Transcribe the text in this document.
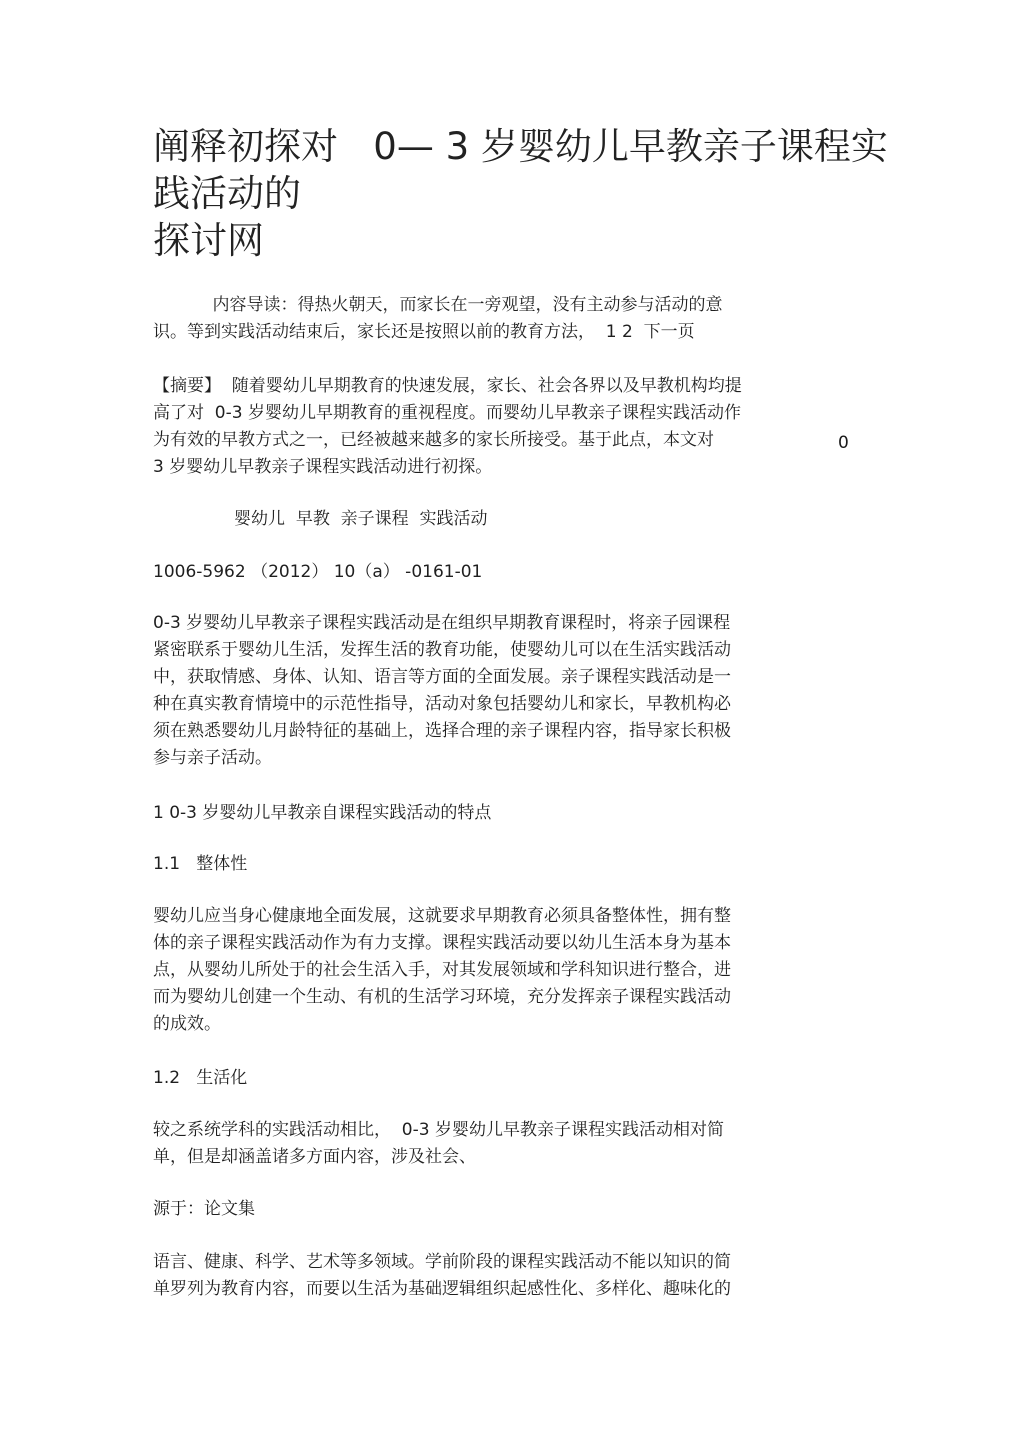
阐释初探对   0— 3 岁婴幼儿早教亲子课程实
践活动的
探讨网

内容导读：得热火朝天，而家长在一旁观望，没有主动参与活动的意
识。等到实践活动结束后，家长还是按照以前的教育方法，  1 2  下一页

【摘要】  随着婴幼儿早期教育的快速发展，家长、社会各界以及早教机构均提
高了对  0-3 岁婴幼儿早期教育的重视程度。而婴幼儿早教亲子课程实践活动作
为有效的早教方式之一，已经被越来越多的家长所接受。基于此点，本文对
3 岁婴幼儿早教亲子课程实践活动进行初探。

0

婴幼儿  早教  亲子课程  实践活动

1006-5962 （2012） 10（a） -0161-01

0-3 岁婴幼儿早教亲子课程实践活动是在组织早期教育课程时，将亲子园课程
紧密联系于婴幼儿生活，发挥生活的教育功能，使婴幼儿可以在生活实践活动
中，获取情感、身体、认知、语言等方面的全面发展。亲子课程实践活动是一
种在真实教育情境中的示范性指导，活动对象包括婴幼儿和家长，早教机构必
须在熟悉婴幼儿月龄特征的基础上，选择合理的亲子课程内容，指导家长积极
参与亲子活动。

1 0-3 岁婴幼儿早教亲自课程实践活动的特点

1.1   整体性

婴幼儿应当身心健康地全面发展，这就要求早期教育必须具备整体性，拥有整
体的亲子课程实践活动作为有力支撑。课程实践活动要以幼儿生活本身为基本
点，从婴幼儿所处于的社会生活入手，对其发展领域和学科知识进行整合，进
而为婴幼儿创建一个生动、有机的生活学习环境，充分发挥亲子课程实践活动
的成效。

1.2   生活化

较之系统学科的实践活动相比，  0-3 岁婴幼儿早教亲子课程实践活动相对简
单，但是却涵盖诸多方面内容，涉及社会、

源于：论文集

语言、健康、科学、艺术等多领域。学前阶段的课程实践活动不能以知识的简
单罗列为教育内容，而要以生活为基础逻辑组织起感性化、多样化、趣味化的
